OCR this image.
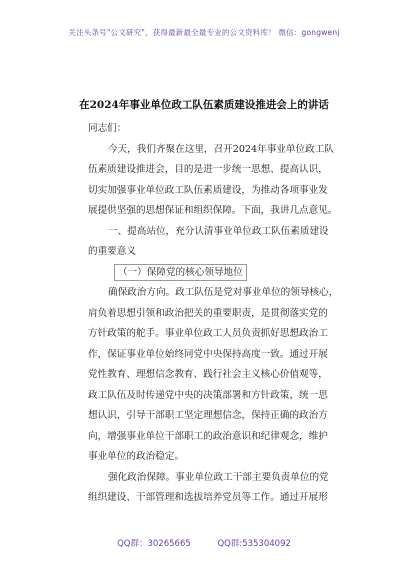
关注头条号"公文研究"，获得最新最全最专业的公文资料库！ 微信：gongwenj
在2024年事业单位政工队伍素质建设推进会上的讲话
同志们：
今天，我们齐聚在这里，召开2024年事业单位政工队
伍素质建设推进会，目的是进一步统一思想、提高认识，
切实加强事业单位政工队伍素质建设，为推动各项事业发
展提供坚强的思想保证和组织保障。下面，我讲几点意见。
一、提高站位，充分认清事业单位政工队伍素质建设
的重要意义
（一）保障党的核心领导地位
确保政治方向。政工队伍是党对事业单位的领导核心，
肩负着思想引领和政治把关的重要职责，是贯彻落实党的
方针政策的舵手。事业单位政工人员负责抓好思想政治工
作，保证事业单位始终同党中央保持高度一致。通过开展
党性教育、理想信念教育、践行社会主义核心价值观等，
政工队伍及时传递党中央的决策部署和方针政策，统一思
想认识，引导干部职工坚定理想信念，保持正确的政治方
向，增强事业单位干部职工的政治意识和纪律观念，维护
事业单位的政治稳定。
强化政治保障。事业单位政工干部主要负责单位的党
组织建设、干部管理和选拔培养党员等工作。通过开展形
QQ群：30265665	QQ群:535304092
